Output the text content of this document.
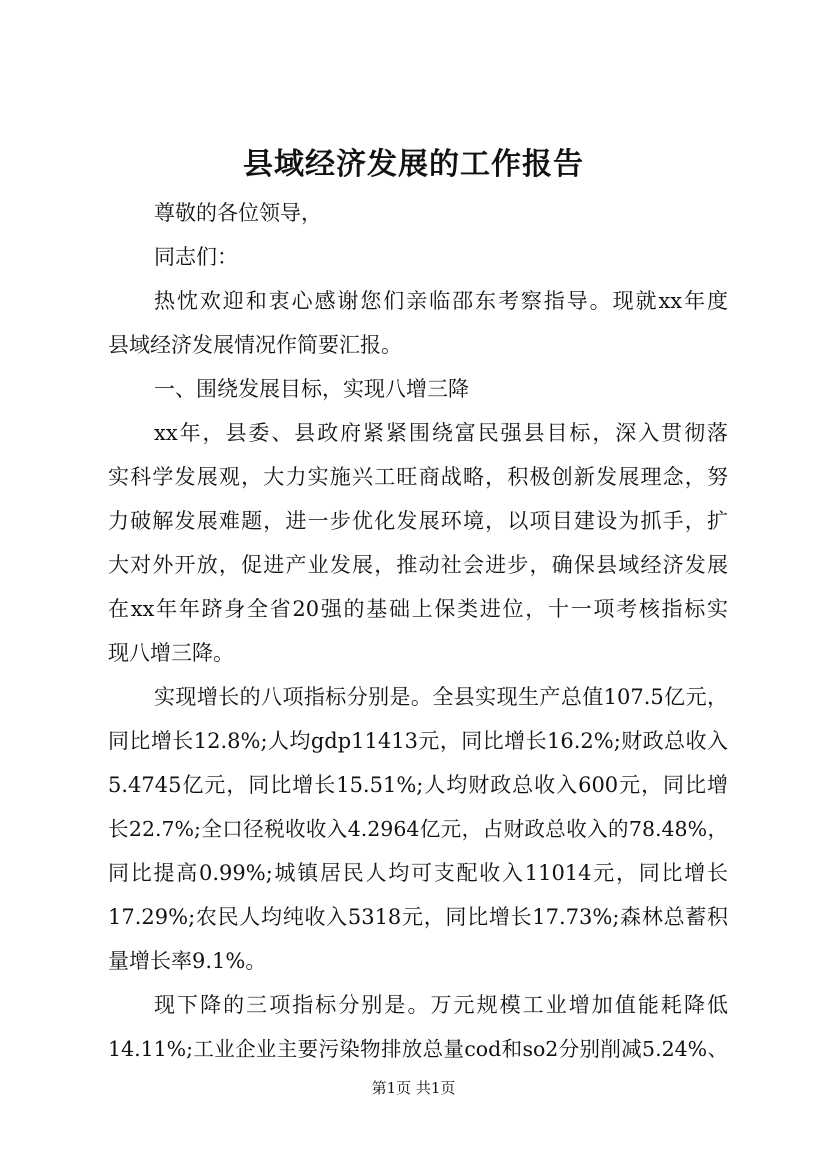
县域经济发展的工作报告
尊敬的各位领导，
同志们：
热忱欢迎和衷心感谢您们亲临邵东考察指导。现就xx年度
县域经济发展情况作简要汇报。
一、围绕发展目标，实现八增三降
xx年，县委、县政府紧紧围绕富民强县目标，深入贯彻落
实科学发展观，大力实施兴工旺商战略，积极创新发展理念，努
力破解发展难题，进一步优化发展环境，以项目建设为抓手，扩
大对外开放，促进产业发展，推动社会进步，确保县域经济发展
在xx年年跻身全省20强的基础上保类进位，十一项考核指标实
现八增三降。
实现增长的八项指标分别是。全县实现生产总值107.5亿元，
同比增长12.8%;人均gdp11413元，同比增长16.2%;财政总收入
5.4745亿元，同比增长15.51%;人均财政总收入600元，同比增
长22.7%;全口径税收收入4.2964亿元，占财政总收入的78.48%，
同比提高0.99%;城镇居民人均可支配收入11014元，同比增长
17.29%;农民人均纯收入5318元，同比增长17.73%;森林总蓄积
量增长率9.1%。
现下降的三项指标分别是。万元规模工业增加值能耗降低
14.11%;工业企业主要污染物排放总量cod和so2分别削减5.24%、
第1页 共1页
